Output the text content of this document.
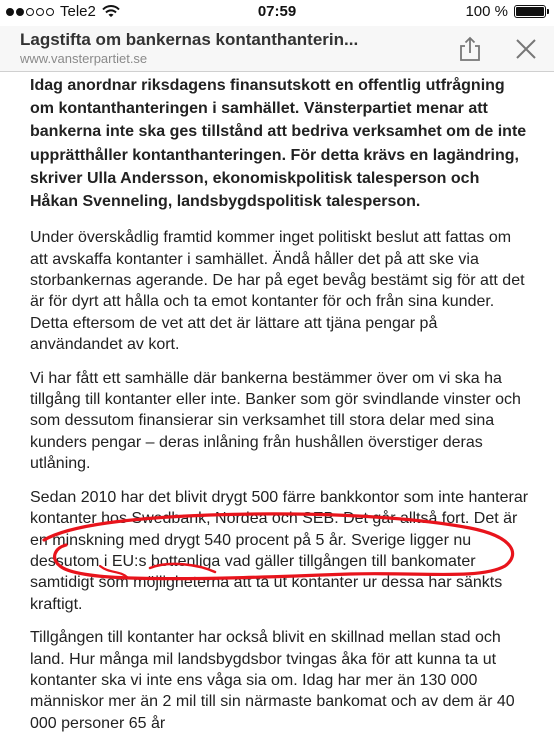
Tele2	07:59	100 %
Lagstifta om bankernas kontanthanterin...
www.vansterpartiet.se

Idag anordnar riksdagens finansutskott en offentlig utfrågning om kontanthanteringen i samhället. Vänsterpartiet menar att bankerna inte ska ges tillstånd att bedriva verksamhet om de inte upprätthåller kontanthanteringen. För detta krävs en lagändring, skriver Ulla Andersson, ekonomiskpolitisk talesperson och Håkan Svenneling, landsbygdspolitisk talesperson.

Under överskådlig framtid kommer inget politiskt beslut att fattas om att avskaffa kontanter i samhället. Ändå håller det på att ske via storbankernas agerande. De har på eget bevåg bestämt sig för att det är för dyrt att hålla och ta emot kontanter för och från sina kunder. Detta eftersom de vet att det är lättare att tjäna pengar på användandet av kort.

Vi har fått ett samhälle där bankerna bestämmer över om vi ska ha tillgång till kontanter eller inte. Banker som gör svindlande vinster och som dessutom finansierar sin verksamhet till stora delar med sina kunders pengar – deras inlåning från hushållen överstiger deras utlåning.

Sedan 2010 har det blivit drygt 500 färre bankkontor som inte hanterar kontanter hos Swedbank, Nordea och SEB. Det går alltså fort. Det är en minskning med drygt 540 procent på 5 år. Sverige ligger nu dessutom i EU:s bottenliga vad gäller tillgången till bankomater samtidigt som möjligheterna att ta ut kontanter ur dessa har sänkts kraftigt.

Tillgången till kontanter har också blivit en skillnad mellan stad och land. Hur många mil landsbygdsbor tvingas åka för att kunna ta ut kontanter ska vi inte ens våga sia om. Idag har mer än 130 000 människor mer än 2 mil till sin närmaste bankomat och av dem är 40 000 personer 65 år
